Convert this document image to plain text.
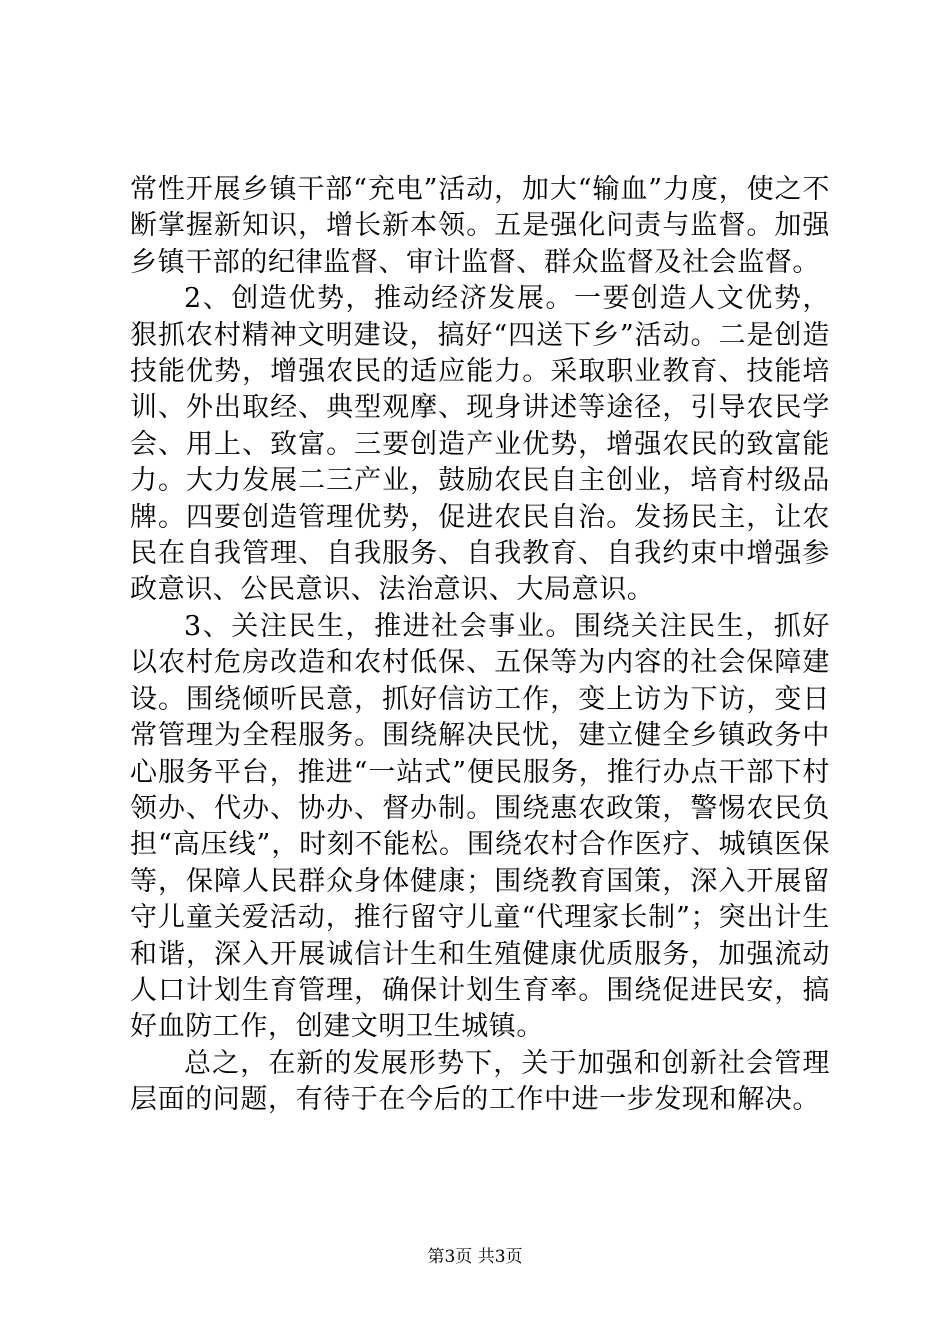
常性开展乡镇干部“充电”活动，加大“输血”力度，使之不断掌握新知识，增长新本领。五是强化问责与监督。加强乡镇干部的纪律监督、审计监督、群众监督及社会监督。

2、创造优势，推动经济发展。一要创造人文优势，狠抓农村精神文明建设，搞好“四送下乡”活动。二是创造技能优势，增强农民的适应能力。采取职业教育、技能培训、外出取经、典型观摩、现身讲述等途径，引导农民学会、用上、致富。三要创造产业优势，增强农民的致富能力。大力发展二三产业，鼓励农民自主创业，培育村级品牌。四要创造管理优势，促进农民自治。发扬民主，让农民在自我管理、自我服务、自我教育、自我约束中增强参政意识、公民意识、法治意识、大局意识。

3、关注民生，推进社会事业。围绕关注民生，抓好以农村危房改造和农村低保、五保等为内容的社会保障建设。围绕倾听民意，抓好信访工作，变上访为下访，变日常管理为全程服务。围绕解决民忧，建立健全乡镇政务中心服务平台，推进“一站式”便民服务，推行办点干部下村领办、代办、协办、督办制。围绕惠农政策，警惕农民负担“高压线”，时刻不能松。围绕农村合作医疗、城镇医保等，保障人民群众身体健康；围绕教育国策，深入开展留守儿童关爱活动，推行留守儿童“代理家长制”；突出计生和谐，深入开展诚信计生和生殖健康优质服务，加强流动人口计划生育管理，确保计划生育率。围绕促进民安，搞好血防工作，创建文明卫生城镇。

总之，在新的发展形势下，关于加强和创新社会管理层面的问题，有待于在今后的工作中进一步发现和解决。

第3页 共3页
